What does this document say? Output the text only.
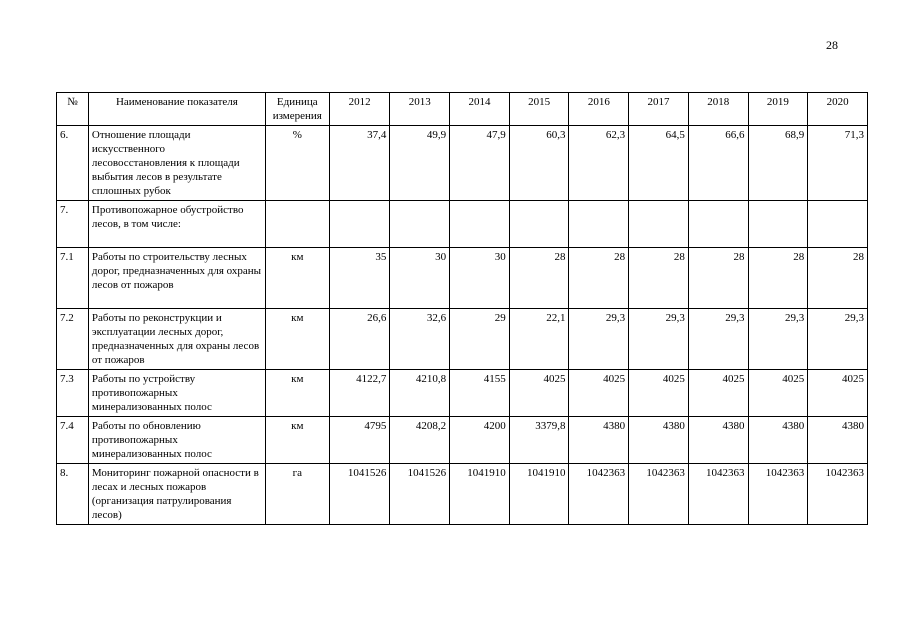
28
№	Наименование показателя	Единица измерения	2012	2013	2014	2015	2016	2017	2018	2019	2020
6.	Отношение площади искусственного лесовосстановления к площади выбытия лесов в результате сплошных рубок	%	37,4	49,9	47,9	60,3	62,3	64,5	66,6	68,9	71,3
7.	Противопожарное обустройство лесов, в том числе:										
7.1	Работы по строительству лесных дорог, предназначенных для охраны лесов от пожаров	км	35	30	30	28	28	28	28	28	28
7.2	Работы по реконструкции и эксплуатации лесных дорог, предназначенных для охраны лесов от пожаров	км	26,6	32,6	29	22,1	29,3	29,3	29,3	29,3	29,3
7.3	Работы по устройству противопожарных минерализованных полос	км	4122,7	4210,8	4155	4025	4025	4025	4025	4025	4025
7.4	Работы по обновлению противопожарных минерализованных полос	км	4795	4208,2	4200	3379,8	4380	4380	4380	4380	4380
8.	Мониторинг пожарной опасности в лесах и лесных пожаров (организация патрулирования лесов)	га	1041526	1041526	1041910	1041910	1042363	1042363	1042363	1042363	1042363
